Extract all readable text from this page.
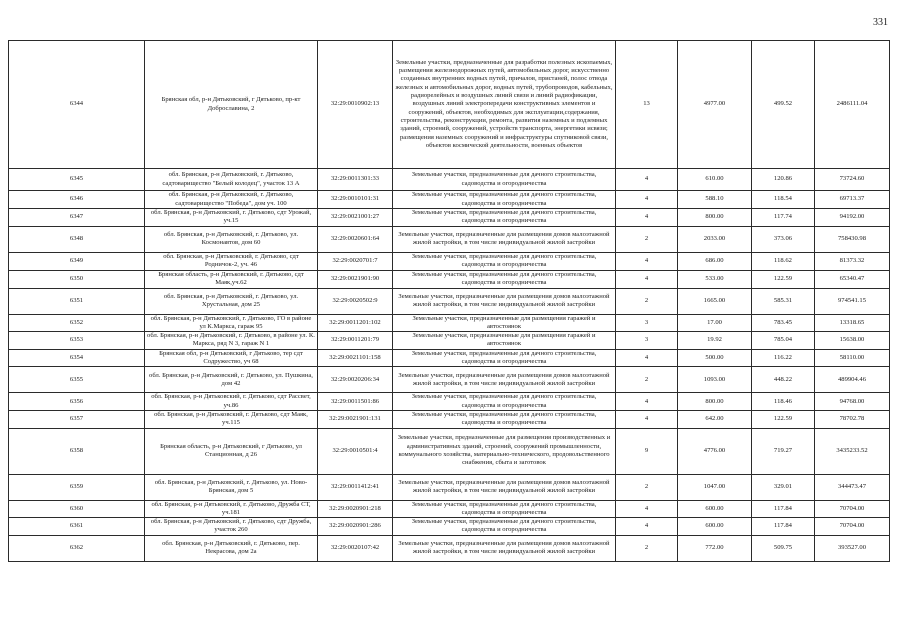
331
6344	Брянская обл, р-н Дятьковский, г Дятьково, пр-кт Доброславина, 2	32:29:0010902:13	Земельные участки, предназначенные для разработки полезных ископаемых, размещения железнодорожных путей, автомобильных дорог, искусственно созданных внутренних водных путей, причалов, пристаней, полос отвода железных и автомобильных дорог, водных путей, трубопроводов, кабельных, радиорелейных и воздушных линий связи и линий радиофикации, воздушных линий электропередачи конструктивных элементов и сооружений, объектов, необходимых для эксплуатации,содержания, строительства, реконструкции, ремонта, развития наземных и подземных зданий, строений, сооружений, устройств транспорта, энергетики исвязи; размещения наземных сооружений и инфраструктуры спутниковой связи, объектов космической деятельности, военных объектов	13	4977.00	499.52	2486111.04
6345	обл. Брянская, р-н Дятьковский, г. Дятьково, садтоварищество "Белый колодец", участок 13 А	32:29:0011301:33	Земельные участки, предназначенные для дачного строительства, садоводства и огородничества	4	610.00	120.86	73724.60
6346	обл. Брянская, р-н Дятьковский, г. Дятьково, садтоварищество "Победа", дом уч. 100	32:29:0010101:31	Земельные участки, предназначенные для дачного строительства, садоводства и огородничества	4	588.10	118.54	69713.37
6347	обл. Брянская, р-н Дятьковский, г. Дятьково, сдт Урожай, уч.15	32:29:0021001:27	Земельные участки, предназначенные для дачного строительства, садоводства и огородничества	4	800.00	117.74	94192.00
6348	обл. Брянская, р-н Дятьковский, г. Дятьково, ул. Космонавтов, дом 60	32:29:0020601:64	Земельные участки, предназначенные для размещения домов малоэтажной жилой застройки, в том числе индивидуальной жилой застройки	2	2033.00	373.06	758430.98
6349	обл. Брянская, р-н Дятьковский, г. Дятьково, сдт Родничок-2, уч. 46	32:29:0020701:7	Земельные участки, предназначенные для дачного строительства, садоводства и огородничества	4	686.00	118.62	81373.32
6350	Брянская область, р-н Дятьковский, г. Дятьково, сдт Маяк,уч.62	32:29:0021901:90	Земельные участки, предназначенные для дачного строительства, садоводства и огородничества	4	533.00	122.59	65340.47
6351	обл. Брянская, р-н Дятьковский, г. Дятьково, ул. Хрустальная, дом 25	32:29:0020502:9	Земельные участки, предназначенные для размещения домов малоэтажной жилой застройки, в том числе индивидуальной жилой застройки	2	1665.00	585.31	974541.15
6352	обл. Брянская, р-н Дятьковский, г. Дятьково, ГО в районе ул К.Маркса, гараж 95	32:29:0011201:102	Земельные участки, предназначенные для размещения гаражей и автостоянок	3	17.00	783.45	13318.65
6353	обл. Брянская, р-н Дятьковский, г. Дятьково, в районе ул. К. Маркса, ряд N 3, гараж N 1	32:29:0011201:79	Земельные участки, предназначенные для размещения гаражей и автостоянок	3	19.92	785.04	15638.00
6354	Брянская обл, р-н Дятьковский, г Дятьково, тер сдт Содружество, уч 68	32:29:0021101:158	Земельные участки, предназначенные для дачного строительства, садоводства и огородничества	4	500.00	116.22	58110.00
6355	обл. Брянская, р-н Дятьковский, г. Дятьково, ул. Пушкина, дом 42	32:29:0020206:34	Земельные участки, предназначенные для размещения домов малоэтажной жилой застройки, в том числе индивидуальной жилой застройки	2	1093.00	448.22	489904.46
6356	обл. Брянская, р-н Дятьковский, г. Дятьково, сдт Рассвет, уч.86	32:29:0011501:86	Земельные участки, предназначенные для дачного строительства, садоводства и огородничества	4	800.00	118.46	94768.00
6357	обл. Брянская, р-н Дятьковский, г. Дятьково, сдт Маяк, уч.115	32:29:0021901:131	Земельные участки, предназначенные для дачного строительства, садоводства и огородничества	4	642.00	122.59	78702.78
6358	Брянская область, р-н Дятьковский, г Дятьково, ул Станционная, д 26	32:29:0010501:4	Земельные участки, предназначенные для размещения производственных и административных зданий, строений, сооружений промышленности, коммунального хозяйства, материально-технического, продовольственного снабжения, сбыта и заготовок	9	4776.00	719.27	3435233.52
6359	обл. Брянская, р-н Дятьковский, г. Дятьково, ул. Ново-Брянская, дом 5	32:29:0011412:41	Земельные участки, предназначенные для размещения домов малоэтажной жилой застройки, в том числе индивидуальной жилой застройки	2	1047.00	329.01	344473.47
6360	обл. Брянская, р-н Дятьковский, г. Дятьково, Дружба СТ, уч.181	32:29:0020901:218	Земельные участки, предназначенные для дачного строительства, садоводства и огородничества	4	600.00	117.84	70704.00
6361	обл. Брянская, р-н Дятьковский, г. Дятьково, сдт Дружба, участок 260	32:29:0020901:286	Земельные участки, предназначенные для дачного строительства, садоводства и огородничества	4	600.00	117.84	70704.00
6362	обл. Брянская, р-н Дятьковский, г. Дятьково, пер. Некрасова, дом 2а	32:29:0020107:42	Земельные участки, предназначенные для размещения домов малоэтажной жилой застройки, в том числе индивидуальной жилой застройки	2	772.00	509.75	393527.00
